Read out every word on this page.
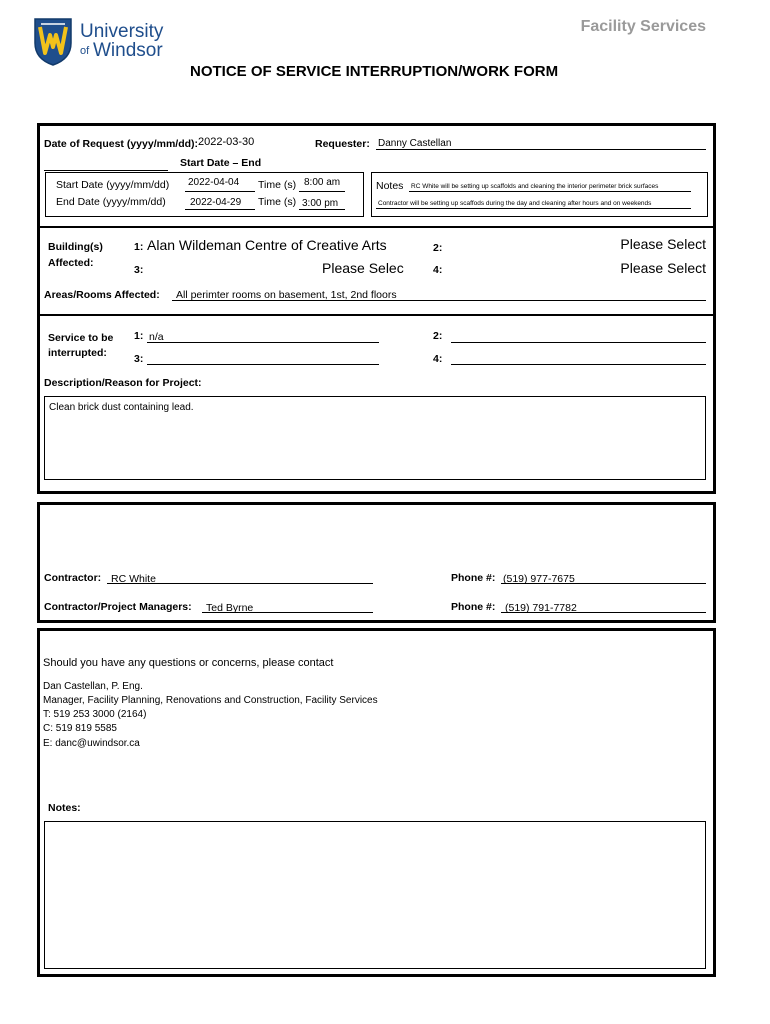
University
of Windsor
Facility Services
NOTICE OF SERVICE INTERRUPTION/WORK FORM
Date of Request (yyyy/mm/dd): 2022-03-30	Requester: Danny Castellan
Start Date – End
Start Date (yyyy/mm/dd) 2022-04-04 Time (s) 8:00 am
End Date (yyyy/mm/dd) 2022-04-29 Time (s) 3:00 pm
Notes RC White will be setting up scaffolds and cleaning the interior perimeter brick surfaces
Contractor will be setting up scaffods during the day and cleaning after hours and on weekends
Building(s)
Affected:
1: Alan Wildeman Centre of Creative Arts	2:	Please Select
3:	Please Selec	4:	Please Select
Areas/Rooms Affected: All perimter rooms on basement, 1st, 2nd floors
Service to be
interrupted:
1: n/a	2:
3:	4:
Description/Reason for Project:
Clean brick dust containing lead.
Contractor: RC White	Phone #: (519) 977-7675
Contractor/Project Managers: Ted Byrne	Phone #: (519) 791-7782
Should you have any questions or concerns, please contact
Dan Castellan, P. Eng.
Manager, Facility Planning, Renovations and Construction, Facility Services
T: 519 253 3000 (2164)
C: 519 819 5585
E: danc@uwindsor.ca
Notes:
